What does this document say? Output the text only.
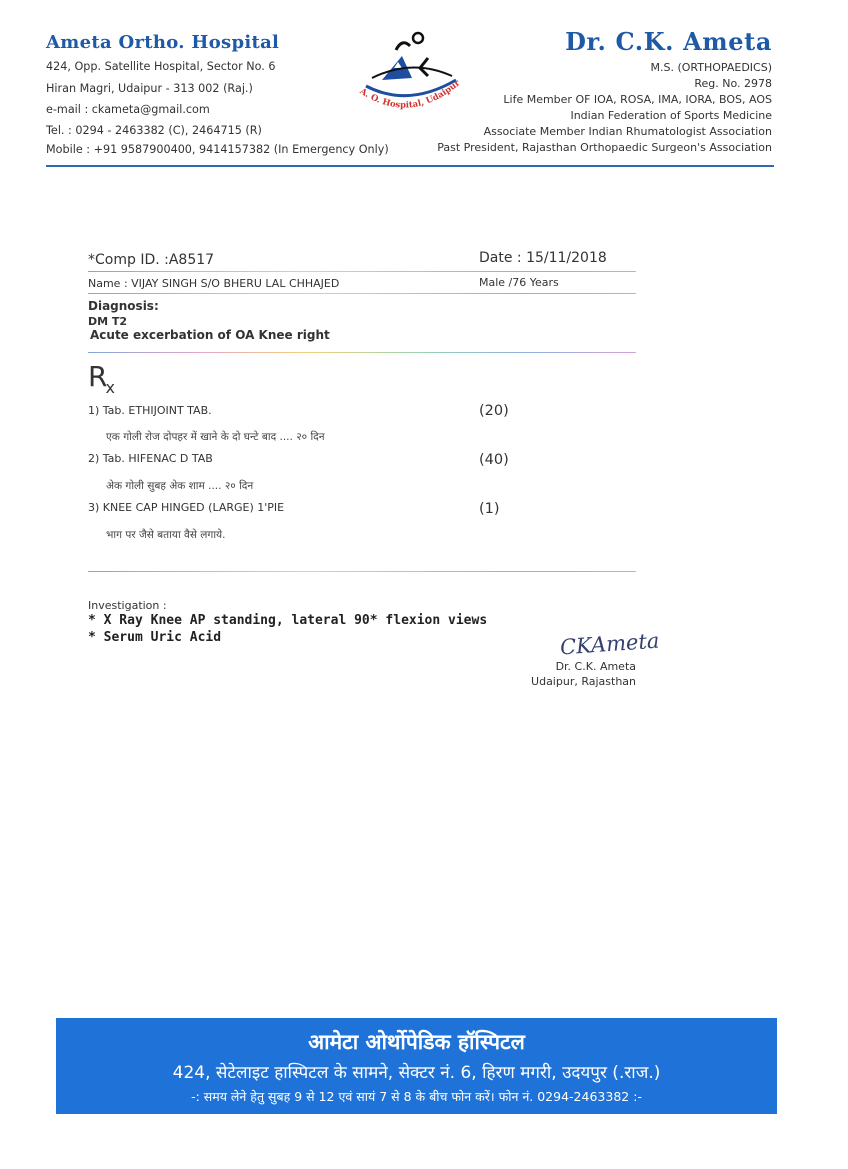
Ameta Ortho. Hospital
424, Opp. Satellite Hospital, Sector No. 6
Hiran Magri, Udaipur - 313 002 (Raj.)
e-mail : ckameta@gmail.com
Tel. : 0294 - 2463382 (C), 2464715 (R)
Mobile : +91 9587900400, 9414157382 (In Emergency Only)
A. O. Hospital, Udaipur
Dr. C.K. Ameta
M.S. (ORTHOPAEDICS)
Reg. No. 2978
Life Member OF IOA, ROSA, IMA, IORA, BOS, AOS
Indian Federation of Sports Medicine
Associate Member Indian Rhumatologist Association
Past President, Rajasthan Orthopaedic Surgeon's Association
*Comp ID. :A8517	Date : 15/11/2018
Name : VIJAY SINGH S/O BHERU LAL CHHAJED	Male /76 Years
Diagnosis:
DM T2
Acute excerbation of OA Knee right
$R_x$
1) Tab. ETHIJOINT TAB.	(20)
एक गोली रोज दोपहर में खाने के दो घन्टे बाद .... २० दिन
2) Tab. HIFENAC D TAB	(40)
अेक गोली सुबह अेक शाम .... २० दिन
3) KNEE CAP HINGED (LARGE) 1'PIE	(1)
भाग पर जैसे बताया वैसे लगाये.
Investigation :
* X Ray Knee AP standing, lateral 90* flexion views
* Serum Uric Acid	CKAmeta
Dr. C.K. Ameta
Udaipur, Rajasthan
आमेटा ओर्थोपेडिक हॉस्पिटल
424, सेटेलाइट हास्पिटल के सामने, सेक्टर नं. 6, हिरण मगरी, उदयपुर (.राज.)
-: समय लेने हेतु सुबह 9 से 12 एवं सायं 7 से 8 के बीच फोन करें। फोन नं. 0294-2463382 :-
